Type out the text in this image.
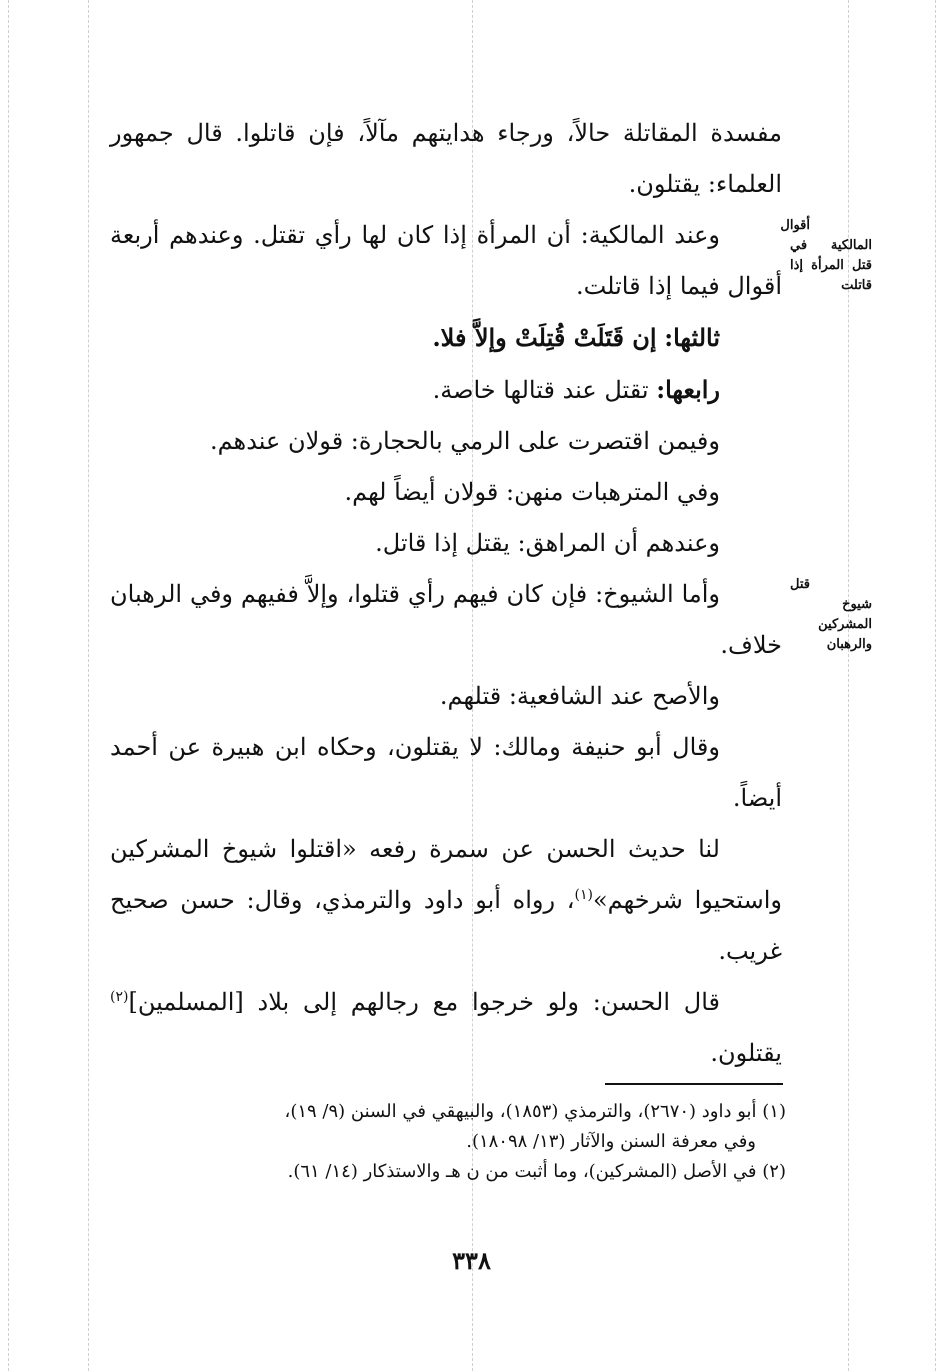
مفسدة المقاتلة حالاً، ورجاء هدايتهم مآلاً، فإن قاتلوا. قال جمهور العلماء: يقتلون.

وعند المالكية: أن المرأة إذا كان لها رأي تقتل. وعندهم أربعة أقوال فيما إذا قاتلت.
أقوال المالكية في قتل المرأة إذا قاتلت

ثالثها: إن قَتَلَتْ قُتِلَتْ وإلاَّ فلا.

رابعها: تقتل عند قتالها خاصة.

وفيمن اقتصرت على الرمي بالحجارة: قولان عندهم.

وفي المترهبات منهن: قولان أيضاً لهم.

وعندهم أن المراهق: يقتل إذا قاتل.

وأما الشيوخ: فإن كان فيهم رأي قتلوا، وإلاَّ ففيهم وفي الرهبان خلاف.
قتل شيوخ المشركين والرهبان

والأصح عند الشافعية: قتلهم.

وقال أبو حنيفة ومالك: لا يقتلون، وحكاه ابن هبيرة عن أحمد أيضاً.

لنا حديث الحسن عن سمرة رفعه «اقتلوا شيوخ المشركين واستحيوا شرخهم»$^{(١)}$، رواه أبو داود والترمذي، وقال: حسن صحيح غريب.

قال الحسن: ولو خرجوا مع رجالهم إلى بلاد [المسلمين]$^{(٢)}$ يقتلون.

(١) أبو داود (٢٦٧٠)، والترمذي (١٨٥٣)، والبيهقي في السنن (٩/ ١٩)،

وفي معرفة السنن والآثار (١٣/ ١٨٠٩٨).

(٢) في الأصل (المشركين)، وما أثبت من ن هـ والاستذكار (١٤/ ٦١).

٣٣٨
